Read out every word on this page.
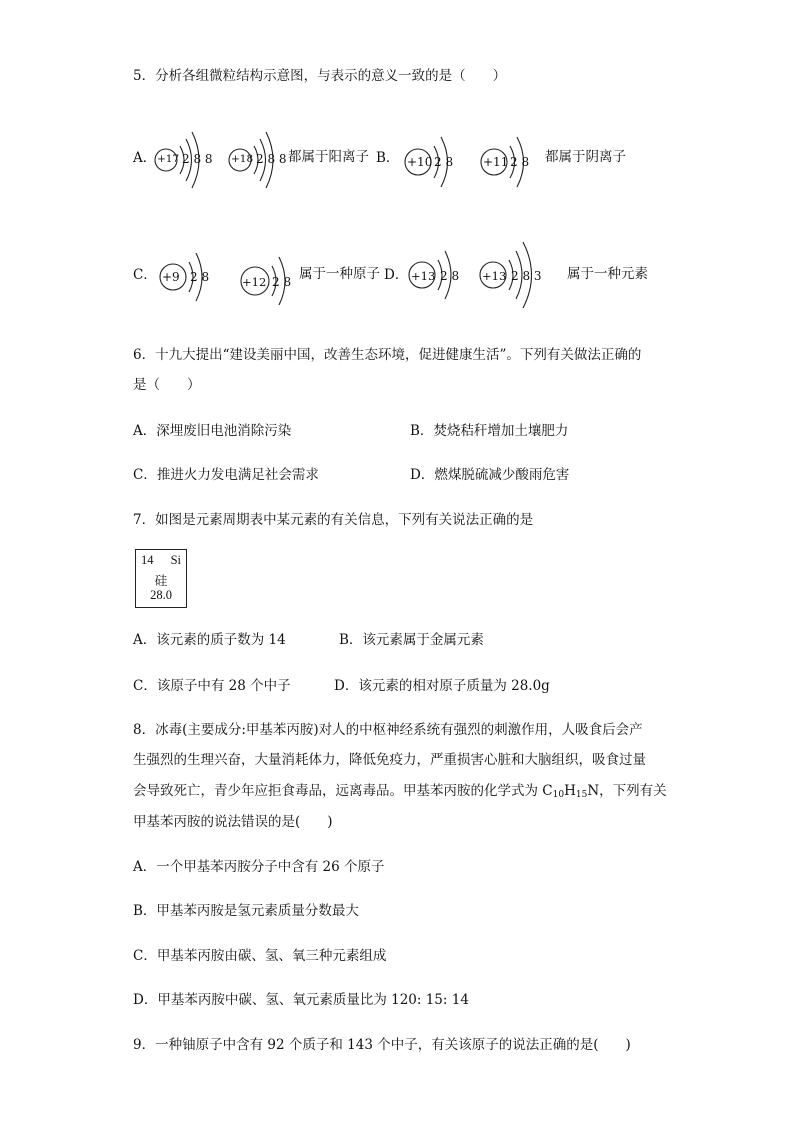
5．分析各组微粒结构示意图，与表示的意义一致的是（　　）
A． +17 2 8 8 +18 2 8 8 都属于阳离子 B． +10 2 8 +11 2 8 都属于阴离子
C． +9 2 8	+12 2 8 属于一种原子 D． +13 2 8 +13 2 8 3 属于一种元素
6．十九大提出“建设美丽中国，改善生态环境，促进健康生活”。下列有关做法正确的
是（　　）
A．深埋废旧电池消除污染	B．焚烧秸秆增加土壤肥力
C．推进火力发电满足社会需求	D．燃煤脱硫减少酸雨危害
7．如图是元素周期表中某元素的有关信息，下列有关说法正确的是
14 Si
硅
28.0
A．该元素的质子数为 14	B．该元素属于金属元素
C．该原子中有 28 个中子	D．该元素的相对原子质量为 28.0g
8．冰毒(主要成分:甲基苯丙胺)对人的中枢神经系统有强烈的刺激作用，人吸食后会产
生强烈的生理兴奋，大量消耗体力，降低免疫力，严重损害心脏和大脑组织，吸食过量
会导致死亡，青少年应拒食毒品，远离毒品。甲基苯丙胺的化学式为 $C_{10}H_{15}N$，下列有关
甲基苯丙胺的说法错误的是(　　)
A．一个甲基苯丙胺分子中含有 26 个原子
B．甲基苯丙胺是氢元素质量分数最大
C．甲基苯丙胺由碳、氢、氧三种元素组成
D．甲基苯丙胺中碳、氢、氧元素质量比为 120: 15: 14
9．一种铀原子中含有 92 个质子和 143 个中子，有关该原子的说法正确的是(　　)
